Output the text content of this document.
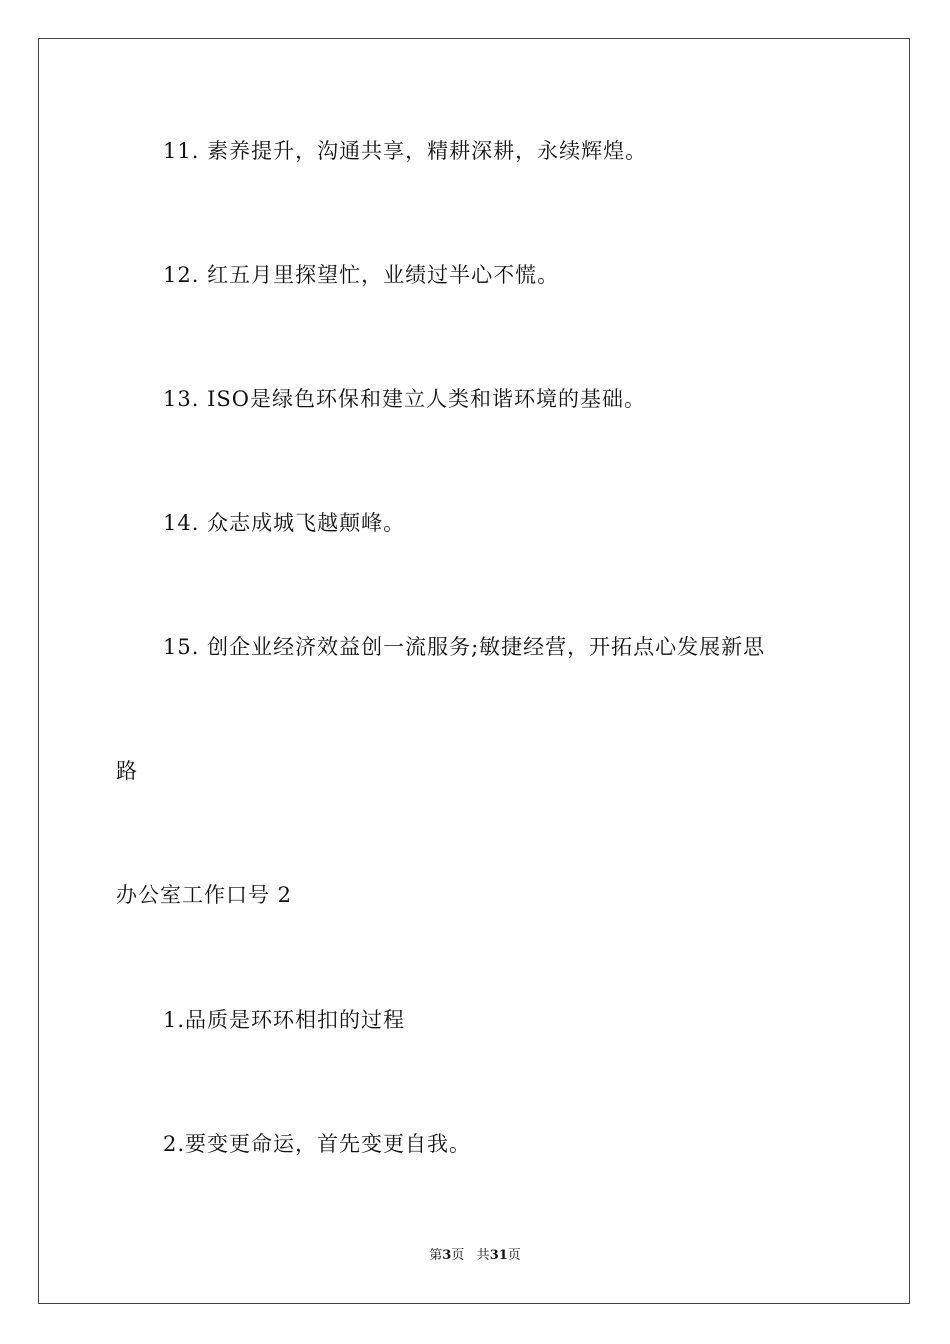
11. 素养提升，沟通共享，精耕深耕，永续辉煌。
12. 红五月里探望忙，业绩过半心不慌。
13. ISO是绿色环保和建立人类和谐环境的基础。
14. 众志成城飞越颠峰。
15. 创企业经济效益创一流服务;敏捷经营，开拓点心发展新思
路
办公室工作口号 2
1.品质是环环相扣的过程
2.要变更命运，首先变更自我。
第3页 共31页
